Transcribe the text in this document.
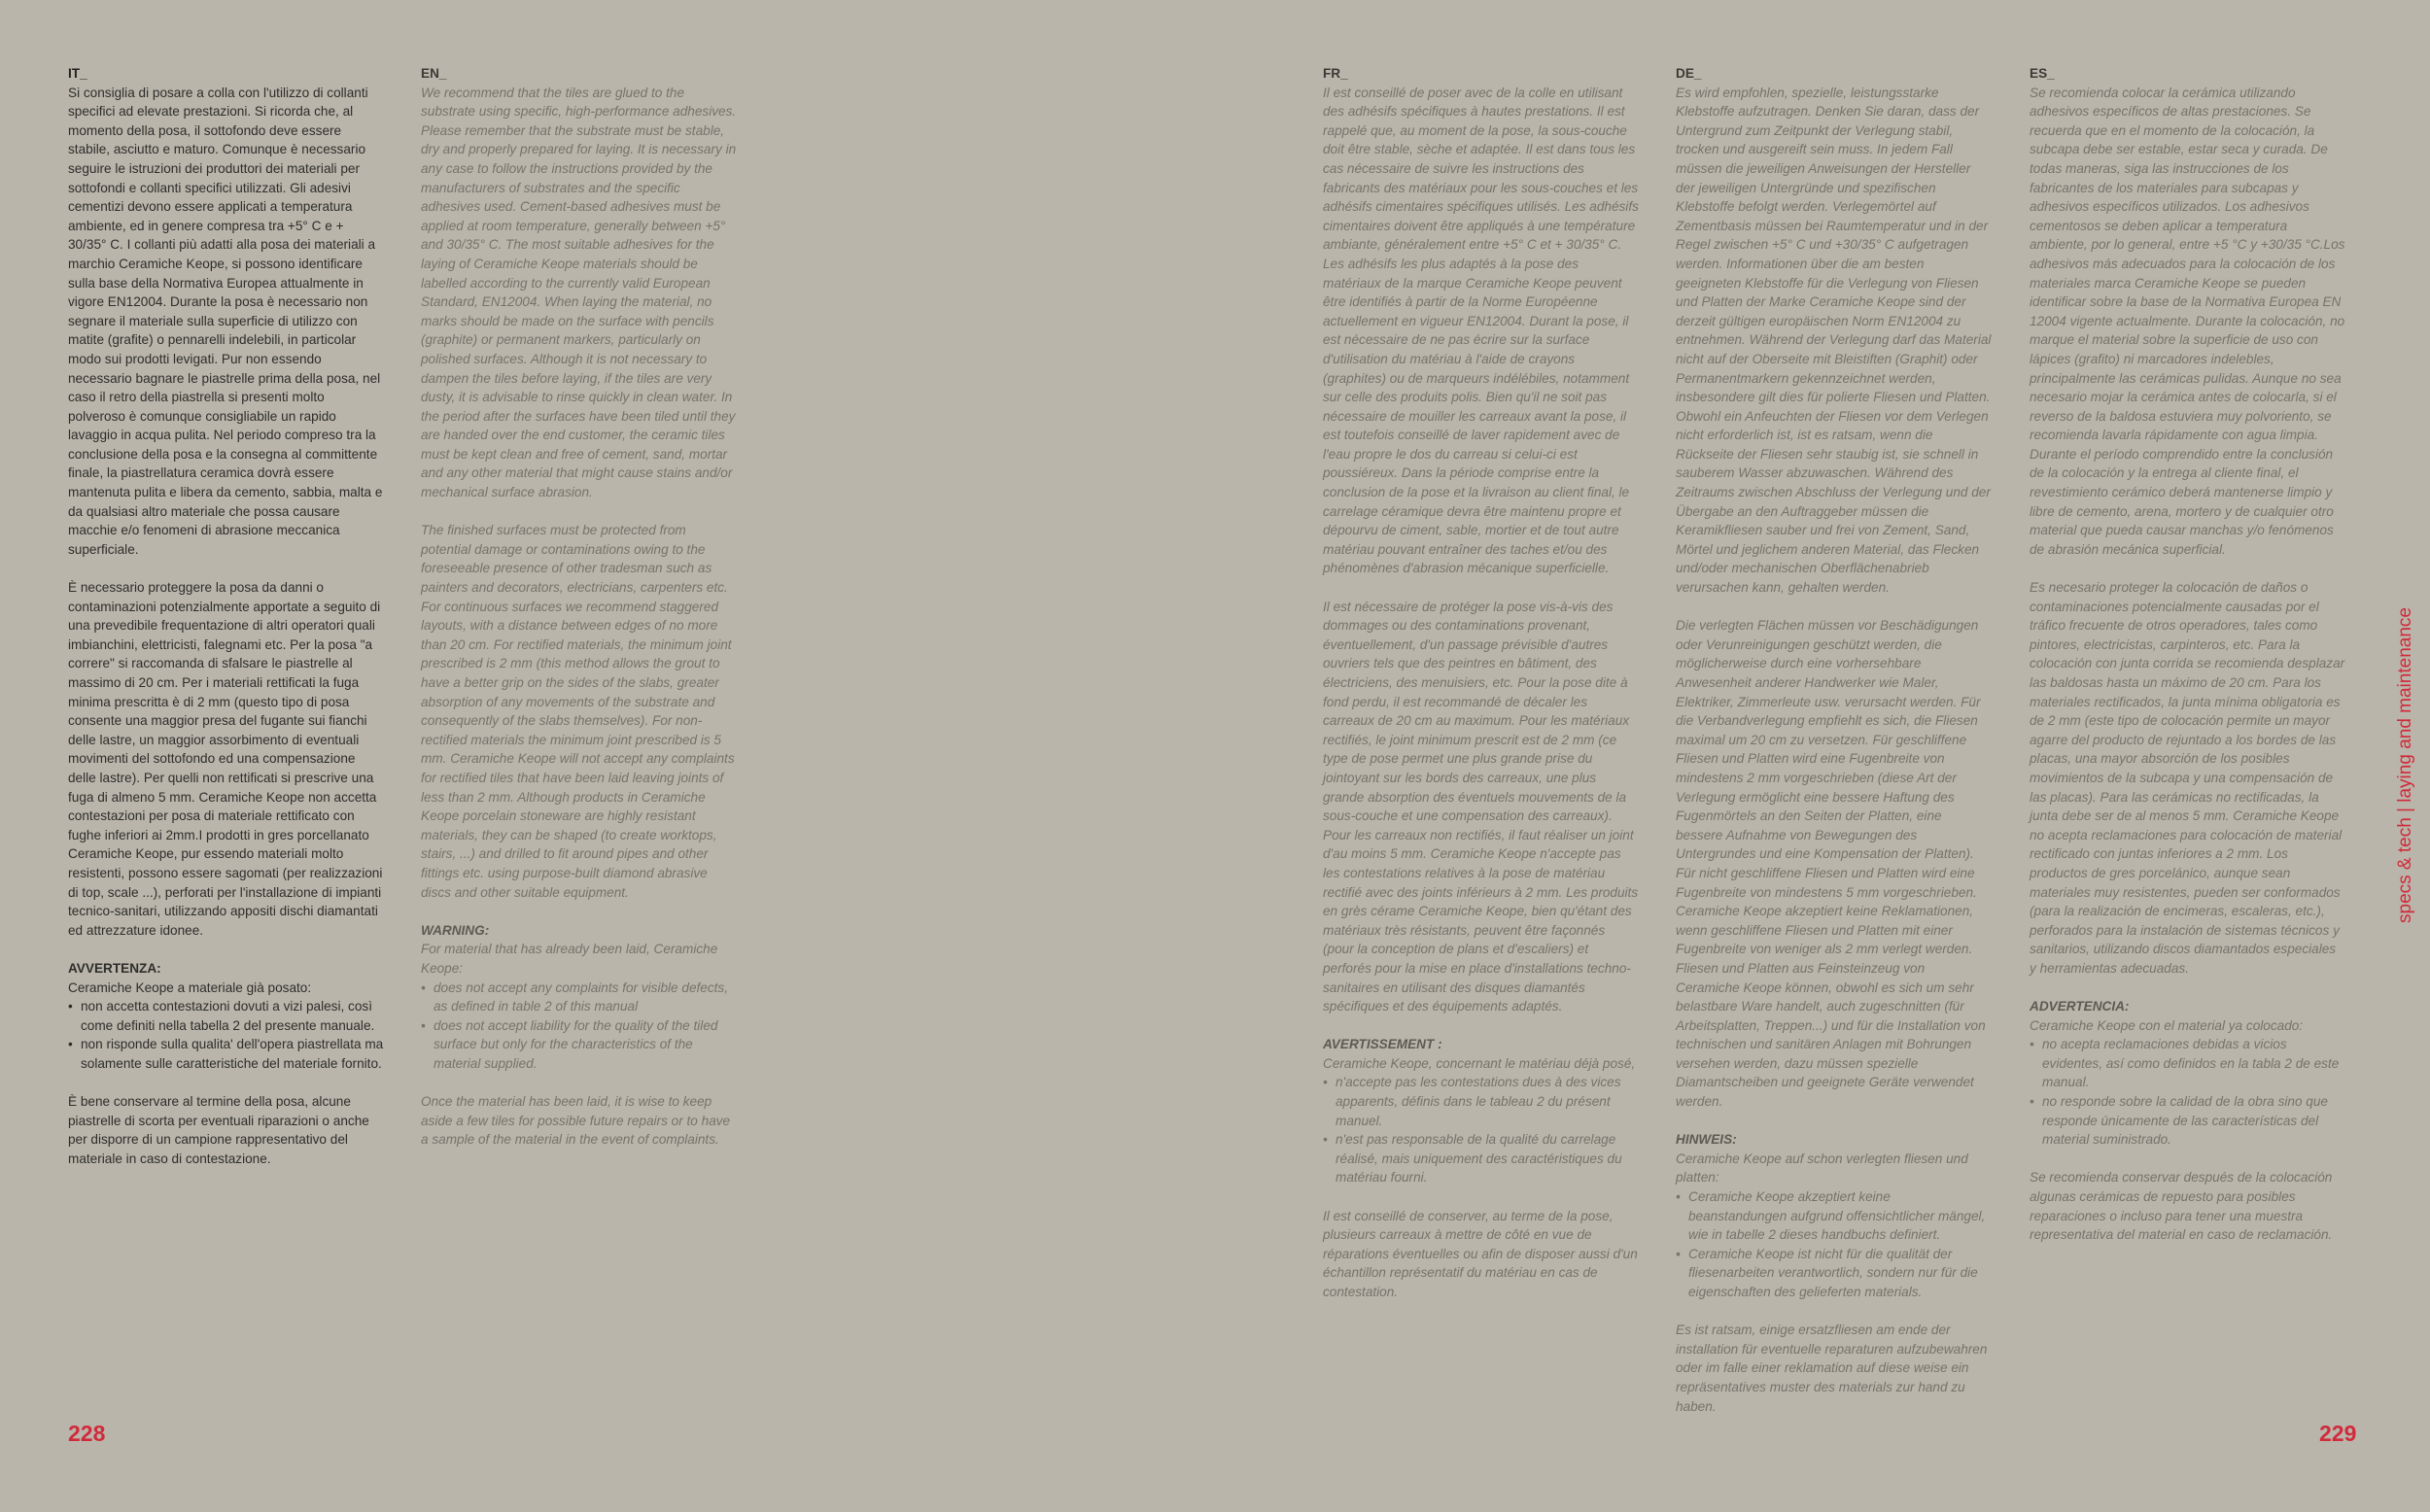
IT_

Si consiglia di posare a colla con l'utilizzo di collanti specifici ad elevate prestazioni. Si ricorda che, al momento della posa, il sottofondo deve essere stabile, asciutto e maturo. Comunque è necessario seguire le istruzioni dei produttori dei materiali per sottofondi e collanti specifici utilizzati. Gli adesivi cementizi devono essere applicati a temperatura ambiente, ed in genere compresa tra +5° C e + 30/35° C. I collanti più adatti alla posa dei materiali a marchio Ceramiche Keope, si possono identificare sulla base della Normativa Europea attualmente in vigore EN12004. Durante la posa è necessario non segnare il materiale sulla superficie di utilizzo con matite (grafite) o pennarelli indelebili, in particolar modo sui prodotti levigati. Pur non essendo necessario bagnare le piastrelle prima della posa, nel caso il retro della piastrella si presenti molto polveroso è comunque consigliabile un rapido lavaggio in acqua pulita. Nel periodo compreso tra la conclusione della posa e la consegna al committente finale, la piastrellatura ceramica dovrà essere mantenuta pulita e libera da cemento, sabbia, malta e da qualsiasi altro materiale che possa causare macchie e/o fenomeni di abrasione meccanica superficiale.

È necessario proteggere la posa da danni o contaminazioni potenzialmente apportate a seguito di una prevedibile frequentazione di altri operatori quali imbianchini, elettricisti, falegnami etc. Per la posa "a correre" si raccomanda di sfalsare le piastrelle al massimo di 20 cm. Per i materiali rettificati la fuga minima prescritta è di 2 mm (questo tipo di posa consente una maggior presa del fugante sui fianchi delle lastre, un maggior assorbimento di eventuali movimenti del sottofondo ed una compensazione delle lastre). Per quelli non rettificati si prescrive una fuga di almeno 5 mm. Ceramiche Keope non accetta contestazioni per posa di materiale rettificato con fughe inferiori ai 2mm.I prodotti in gres porcellanato Ceramiche Keope, pur essendo materiali molto resistenti, possono essere sagomati (per realizzazioni di top, scale ...), perforati per l'installazione di impianti tecnico-sanitari, utilizzando appositi dischi diamantati ed attrezzature idonee.

AVVERTENZA:

Ceramiche Keope a materiale già posato:

• non accetta contestazioni dovuti a vizi palesi, così come definiti nella tabella 2 del presente manuale.
• non risponde sulla qualita' dell'opera piastrellata ma solamente sulle caratteristiche del materiale fornito.

È bene conservare al termine della posa, alcune piastrelle di scorta per eventuali riparazioni o anche per disporre di un campione rappresentativo del materiale in caso di contestazione.

EN_

We recommend that the tiles are glued to the substrate using specific, high-performance adhesives. Please remember that the substrate must be stable, dry and properly prepared for laying. It is necessary in any case to follow the instructions provided by the manufacturers of substrates and the specific adhesives used. Cement-based adhesives must be applied at room temperature, generally between +5° and 30/35° C. The most suitable adhesives for the laying of Ceramiche Keope materials should be labelled according to the currently valid European Standard, EN12004. When laying the material, no marks should be made on the surface with pencils (graphite) or permanent markers, particularly on polished surfaces. Although it is not necessary to dampen the tiles before laying, if the tiles are very dusty, it is advisable to rinse quickly in clean water. In the period after the surfaces have been tiled until they are handed over the end customer, the ceramic tiles must be kept clean and free of cement, sand, mortar and any other material that might cause stains and/or mechanical surface abrasion.

The finished surfaces must be protected from potential damage or contaminations owing to the foreseeable presence of other tradesman such as painters and decorators, electricians, carpenters etc. For continuous surfaces we recommend staggered layouts, with a distance between edges of no more than 20 cm. For rectified materials, the minimum joint prescribed is 2 mm (this method allows the grout to have a better grip on the sides of the slabs, greater absorption of any movements of the substrate and consequently of the slabs themselves). For non-rectified materials the minimum joint prescribed is 5 mm. Ceramiche Keope will not accept any complaints for rectified tiles that have been laid leaving joints of less than 2 mm. Although products in Ceramiche Keope porcelain stoneware are highly resistant materials, they can be shaped (to create worktops, stairs, ...) and drilled to fit around pipes and other fittings etc. using purpose-built diamond abrasive discs and other suitable equipment.

WARNING:

For material that has already been laid, Ceramiche Keope:

• does not accept any complaints for visible defects, as defined in table 2 of this manual
• does not accept liability for the quality of the tiled surface but only for the characteristics of the material supplied.

Once the material has been laid, it is wise to keep aside a few tiles for possible future repairs or to have a sample of the material in the event of complaints.

228

FR_

Il est conseillé de poser avec de la colle en utilisant des adhésifs spécifiques à hautes prestations. Il est rappelé que, au moment de la pose, la sous-couche doit être stable, sèche et adaptée. Il est dans tous les cas nécessaire de suivre les instructions des fabricants des matériaux pour les sous-couches et les adhésifs cimentaires spécifiques utilisés. Les adhésifs cimentaires doivent être appliqués à une température ambiante, généralement entre +5° C et + 30/35° C. Les adhésifs les plus adaptés à la pose des matériaux de la marque Ceramiche Keope peuvent être identifiés à partir de la Norme Européenne actuellement en vigueur EN12004. Durant la pose, il est nécessaire de ne pas écrire sur la surface d'utilisation du matériau à l'aide de crayons (graphites) ou de marqueurs indélébiles, notamment sur celle des produits polis. Bien qu'il ne soit pas nécessaire de mouiller les carreaux avant la pose, il est toutefois conseillé de laver rapidement avec de l'eau propre le dos du carreau si celui-ci est poussiéreux. Dans la période comprise entre la conclusion de la pose et la livraison au client final, le carrelage céramique devra être maintenu propre et dépourvu de ciment, sable, mortier et de tout autre matériau pouvant entraîner des taches et/ou des phénomènes d'abrasion mécanique superficielle.

Il est nécessaire de protéger la pose vis-à-vis des dommages ou des contaminations provenant, éventuellement, d'un passage prévisible d'autres ouvriers tels que des peintres en bâtiment, des électriciens, des menuisiers, etc. Pour la pose dite à fond perdu, il est recommandé de décaler les carreaux de 20 cm au maximum. Pour les matériaux rectifiés, le joint minimum prescrit est de 2 mm (ce type de pose permet une plus grande prise du jointoyant sur les bords des carreaux, une plus grande absorption des éventuels mouvements de la sous-couche et une compensation des carreaux). Pour les carreaux non rectifiés, il faut réaliser un joint d'au moins 5 mm. Ceramiche Keope n'accepte pas les contestations relatives à la pose de matériau rectifié avec des joints inférieurs à 2 mm. Les produits en grès cérame Ceramiche Keope, bien qu'étant des matériaux très résistants, peuvent être façonnés (pour la conception de plans et d'escaliers) et perforés pour la mise en place d'installations techno-sanitaires en utilisant des disques diamantés spécifiques et des équipements adaptés.

AVERTISSEMENT :

Ceramiche Keope, concernant le matériau déjà posé,

• n'accepte pas les contestations dues à des vices apparents, définis dans le tableau 2 du présent manuel.
• n'est pas responsable de la qualité du carrelage réalisé, mais uniquement des caractéristiques du matériau fourni.

Il est conseillé de conserver, au terme de la pose, plusieurs carreaux à mettre de côté en vue de réparations éventuelles ou afin de disposer aussi d'un échantillon représentatif du matériau en cas de contestation.

DE_

Es wird empfohlen, spezielle, leistungsstarke Klebstoffe aufzutragen. Denken Sie daran, dass der Untergrund zum Zeitpunkt der Verlegung stabil, trocken und ausgereift sein muss. In jedem Fall müssen die jeweiligen Anweisungen der Hersteller der jeweiligen Untergründe und spezifischen Klebstoffe befolgt werden. Verlegemörtel auf Zementbasis müssen bei Raumtemperatur und in der Regel zwischen +5° C und +30/35° C aufgetragen werden. Informationen über die am besten geeigneten Klebstoffe für die Verlegung von Fliesen und Platten der Marke Ceramiche Keope sind der derzeit gültigen europäischen Norm EN12004 zu entnehmen. Während der Verlegung darf das Material nicht auf der Oberseite mit Bleistiften (Graphit) oder Permanentmarkern gekennzeichnet werden, insbesondere gilt dies für polierte Fliesen und Platten. Obwohl ein Anfeuchten der Fliesen vor dem Verlegen nicht erforderlich ist, ist es ratsam, wenn die Rückseite der Fliesen sehr staubig ist, sie schnell in sauberem Wasser abzuwaschen. Während des Zeitraums zwischen Abschluss der Verlegung und der Übergabe an den Auftraggeber müssen die Keramikfliesen sauber und frei von Zement, Sand, Mörtel und jeglichem anderen Material, das Flecken und/oder mechanischen Oberflächenabrieb verursachen kann, gehalten werden.

Die verlegten Flächen müssen vor Beschädigungen oder Verunreinigungen geschützt werden, die möglicherweise durch eine vorhersehbare Anwesenheit anderer Handwerker wie Maler, Elektriker, Zimmerleute usw. verursacht werden. Für die Verbandverlegung empfiehlt es sich, die Fliesen maximal um 20 cm zu versetzen. Für geschliffene Fliesen und Platten wird eine Fugenbreite von mindestens 2 mm vorgeschrieben (diese Art der Verlegung ermöglicht eine bessere Haftung des Fugenmörtels an den Seiten der Platten, eine bessere Aufnahme von Bewegungen des Untergrundes und eine Kompensation der Platten). Für nicht geschliffene Fliesen und Platten wird eine Fugenbreite von mindestens 5 mm vorgeschrieben. Ceramiche Keope akzeptiert keine Reklamationen, wenn geschliffene Fliesen und Platten mit einer Fugenbreite von weniger als 2 mm verlegt werden. Fliesen und Platten aus Feinsteinzeug von Ceramiche Keope können, obwohl es sich um sehr belastbare Ware handelt, auch zugeschnitten (für Arbeitsplatten, Treppen...) und für die Installation von technischen und sanitären Anlagen mit Bohrungen versehen werden, dazu müssen spezielle Diamantscheiben und geeignete Geräte verwendet werden.

HINWEIS:

Ceramiche Keope auf schon verlegten fliesen und platten:

• Ceramiche Keope akzeptiert keine beanstandungen aufgrund offensichtlicher mängel, wie in tabelle 2 dieses handbuchs definiert.
• Ceramiche Keope ist nicht für die qualität der fliesenarbeiten verantwortlich, sondern nur für die eigenschaften des gelieferten materials.

Es ist ratsam, einige ersatzfliesen am ende der installation für eventuelle reparaturen aufzubewahren oder im falle einer reklamation auf diese weise ein repräsentatives muster des materials zur hand zu haben.

ES_

Se recomienda colocar la cerámica utilizando adhesivos específicos de altas prestaciones. Se recuerda que en el momento de la colocación, la subcapa debe ser estable, estar seca y curada. De todas maneras, siga las instrucciones de los fabricantes de los materiales para subcapas y adhesivos específicos utilizados. Los adhesivos cementosos se deben aplicar a temperatura ambiente, por lo general, entre +5 °C y +30/35 °C.Los adhesivos más adecuados para la colocación de los materiales marca Ceramiche Keope se pueden identificar sobre la base de la Normativa Europea EN 12004 vigente actualmente. Durante la colocación, no marque el material sobre la superficie de uso con lápices (grafito) ni marcadores indelebles, principalmente las cerámicas pulidas. Aunque no sea necesario mojar la cerámica antes de colocarla, si el reverso de la baldosa estuviera muy polvoriento, se recomienda lavarla rápidamente con agua limpia. Durante el período comprendido entre la conclusión de la colocación y la entrega al cliente final, el revestimiento cerámico deberá mantenerse limpio y libre de cemento, arena, mortero y de cualquier otro material que pueda causar manchas y/o fenómenos de abrasión mecánica superficial.

Es necesario proteger la colocación de daños o contaminaciones potencialmente causadas por el tráfico frecuente de otros operadores, tales como pintores, electricistas, carpinteros, etc. Para la colocación con junta corrida se recomienda desplazar las baldosas hasta un máximo de 20 cm. Para los materiales rectificados, la junta mínima obligatoria es de 2 mm (este tipo de colocación permite un mayor agarre del producto de rejuntado a los bordes de las placas, una mayor absorción de los posibles movimientos de la subcapa y una compensación de las placas). Para las cerámicas no rectificadas, la junta debe ser de al menos 5 mm. Ceramiche Keope no acepta reclamaciones para colocación de material rectificado con juntas inferiores a 2 mm. Los productos de gres porcelánico, aunque sean materiales muy resistentes, pueden ser conformados (para la realización de encimeras, escaleras, etc.), perforados para la instalación de sistemas técnicos y sanitarios, utilizando discos diamantados especiales y herramientas adecuadas.

ADVERTENCIA:

Ceramiche Keope con el material ya colocado:

• no acepta reclamaciones debidas a vicios evidentes, así como definidos en la tabla 2 de este manual.
• no responde sobre la calidad de la obra sino que responde únicamente de las características del material suministrado.

Se recomienda conservar después de la colocación algunas cerámicas de repuesto para posibles reparaciones o incluso para tener una muestra representativa del material en caso de reclamación.

229
specs & tech | laying and maintenance
